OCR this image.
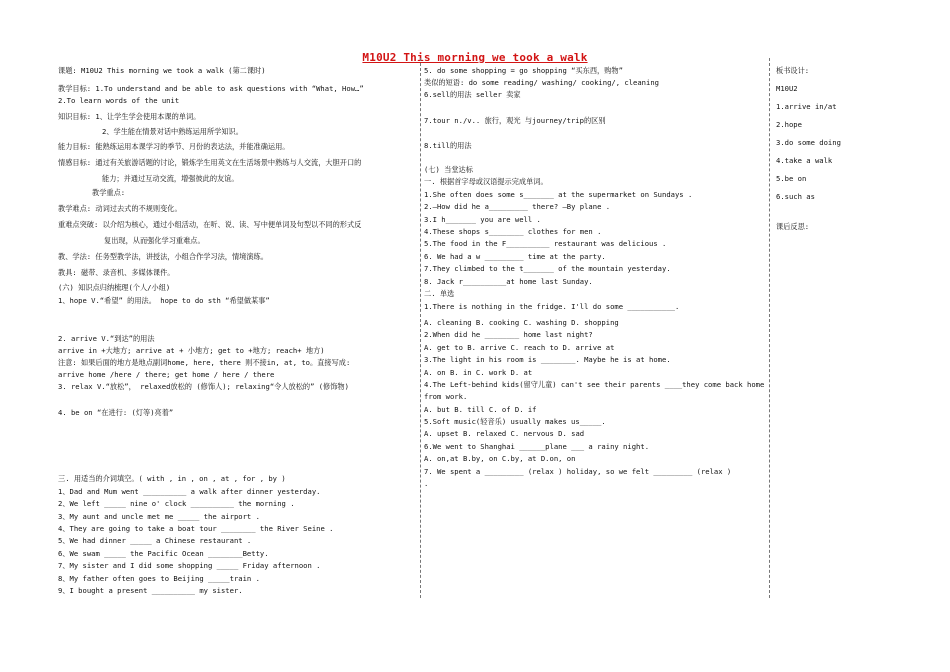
M10U2 This morning we took a walk
课题: M10U2 This morning we took a walk (第二课时)
教学目标: 1.To understand and be able to ask questions with “What, How…”
2.To learn words of the unit
知识目标: 1、让学生学会使用本课的单词。
2、学生能在情景对话中熟练运用所学知识。
能力目标: 能熟练运用本课学习的季节、月份的表达法，并能准确运用。
情感目标: 通过有关旅游话题的讨论，锻炼学生用英文在生活场景中熟练与人交流，大胆开口的
能力；并通过互动交流，增强彼此的友谊。
教学重点:
教学难点: 动词过去式的不规则变化。
重难点突破: 以介绍为核心，通过小组活动，在听、说、读、写中便单词及句型以不同的形式反
复出现，从而强化学习重难点。
教、学法: 任务型教学法，讲授法，小组合作学习法，情境演练。
教具: 磁带、录音机、多媒体课件。
(六) 知识点归纳梳理(个人/小组)
1、hope V.“希望” 的用法。 hope to do sth “希望做某事”
2. arrive V.“到达”的用法
arrive in +大地方; arrive at + 小地方; get to +地方; reach+ 地方)
注意: 如果后面的地方是地点副词home, here, there 则不接in, at, to。直接写成:
arrive home /here / there; get home / here / there
3. relax V.“放松”， relaxed放松的 (修饰人); relaxing“令人放松的” (修饰物)
4. be on “在进行: (灯等)亮着”
三. 用适当的介词填空。( with , in , on , at , for , by )
1、Dad and Mum went __________ a walk after dinner yesterday.
2、We left _____ nine o' clock __________ the morning .
3、My aunt and uncle met me _____ the airport .
4、They are going to take a boat tour ________ the River Seine .
5、We had dinner _____ a Chinese restaurant .
6、We swam _____ the Pacific Ocean ________Betty.
7、My sister and I did some shopping _____ Friday afternoon .
8、My father often goes to Beijing _____train .
9、I bought a present __________ my sister.
5. do some shopping = go shopping “买东西，购物”
类似的短语: do some reading/ washing/ cooking/, cleaning
6.sell的用法 seller 卖家
7.tour n./v.. 旅行，观光 与journey/trip的区别
8.till的用法
(七) 当堂达标
一. 根据首字母或汉语提示完成单词。
1.She often does some s_______ at the supermarket on Sundays .
2.—How did he a_________ there? —By plane .
3.I h_______ you are well .
4.These shops s________ clothes for men .
5.The food in the F__________ restaurant was delicious .
6. We had a w _________ time at the party.
7.They climbed to the t_______ of the mountain yesterday.
8. Jack r__________at home last Sunday.
二. 单选
1.There is nothing in the fridge. I'll do some ___________.
A. cleaning B. cooking C. washing D. shopping
2.When did he ________ home last night?
A. get to B. arrive C. reach to D. arrive at
3.The light in his room is ________. Maybe he is at home.
A. on B. in C. work D. at
4.The Left-behind kids(留守儿童) can't see their parents ____they come back home
from work.
A. but B. till C. of D. if
5.Soft music(轻音乐) usually makes us_____.
A. upset B. relaxed C. nervous D. sad
6.We went to Shanghai ______plane ___ a rainy night.
A. on,at B.by, on C.by, at D.on, on
7. We spent a _________ (relax ) holiday, so we felt _________ (relax )
.
板书设计:
M10U2
1.arrive in/at
2.hope
3.do some doing
4.take a walk
5.be on
6.such as
课后反思:
